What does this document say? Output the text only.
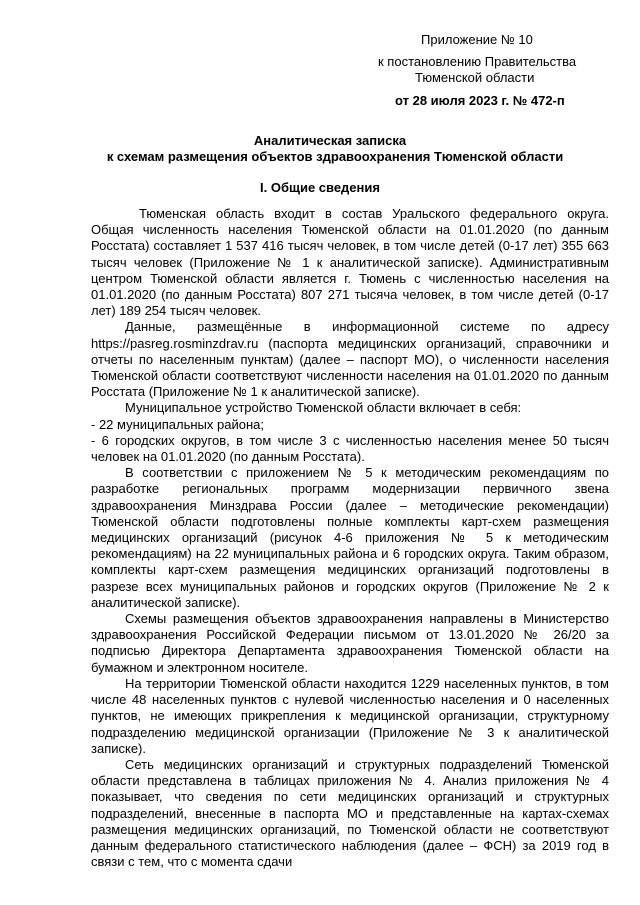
Приложение № 10
к постановлению Правительства
Тюменской области
от 28 июля 2023 г. № 472-п
Аналитическая записка
к схемам размещения объектов здравоохранения Тюменской области
I. Общие сведения

Тюменская область входит в состав Уральского федерального округа. Общая численность населения Тюменской области на 01.01.2020 (по данным Росстата) составляет 1 537 416 тысяч человек, в том числе детей (0-17 лет) 355 663 тысяч человек (Приложение № 1 к аналитической записке). Административным центром Тюменской области является г. Тюмень с численностью населения на 01.01.2020 (по данным Росстата) 807 271 тысяча человек, в том числе детей (0-17 лет) 189 254 тысяч человек.

Данные, размещённые в информационной системе по адресу https://pasreg.rosminzdrav.ru (паспорта медицинских организаций, справочники и отчеты по населенным пунктам) (далее – паспорт МО), о численности населения Тюменской области соответствуют численности населения на 01.01.2020 по данным Росстата (Приложение № 1 к аналитической записке).

Муниципальное устройство Тюменской области включает в себя:

- 22 муниципальных района;

- 6 городских округов, в том числе 3 с численностью населения менее 50 тысяч человек на 01.01.2020 (по данным Росстата).

В соответствии с приложением № 5 к методическим рекомендациям по разработке региональных программ модернизации первичного звена здравоохранения Минздрава России (далее – методические рекомендации) Тюменской области подготовлены полные комплекты карт-схем размещения медицинских организаций (рисунок 4-6 приложения № 5 к методическим рекомендациям) на 22 муниципальных района и 6 городских округа. Таким образом, комплекты карт-схем размещения медицинских организаций подготовлены в разрезе всех муниципальных районов и городских округов (Приложение № 2 к аналитической записке).

Схемы размещения объектов здравоохранения направлены в Министерство здравоохранения Российской Федерации письмом от 13.01.2020 № 26/20 за подписью Директора Департамента здравоохранения Тюменской области на бумажном и электронном носителе.

На территории Тюменской области находится 1229 населенных пунктов, в том числе 48 населенных пунктов с нулевой численностью населения и 0 населенных пунктов, не имеющих прикрепления к медицинской организации, структурному подразделению медицинской организации (Приложение № 3 к аналитической записке).

Сеть медицинских организаций и структурных подразделений Тюменской области представлена в таблицах приложения № 4. Анализ приложения № 4 показывает, что сведения по сети медицинских организаций и структурных подразделений, внесенные в паспорта МО и представленные на картах-схемах размещения медицинских организаций, по Тюменской области не соответствуют данным федерального статистического наблюдения (далее – ФСН) за 2019 год в связи с тем, что с момента сдачи
